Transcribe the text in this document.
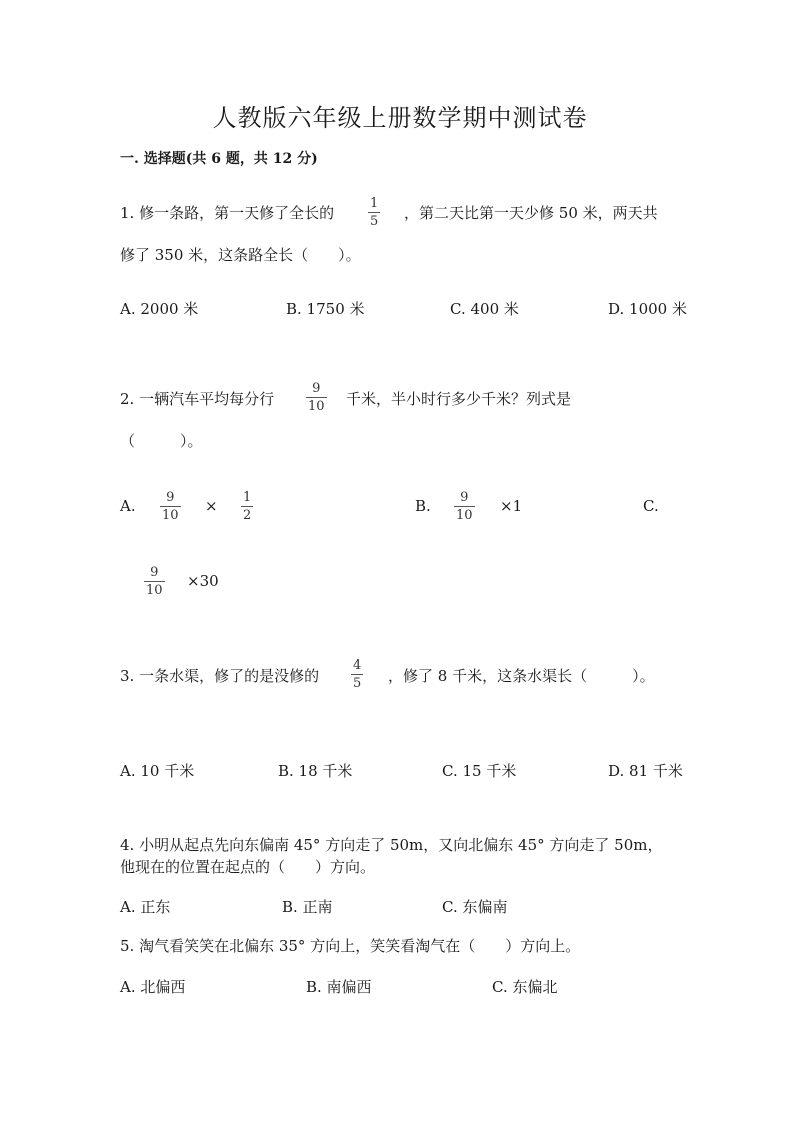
人教版六年级上册数学期中测试卷
一. 选择题(共 6 题，共 12 分)
1. 修一条路，第一天修了全长的
1
5 ，第二天比第一天少修 50 米，两天共
修了 350 米，这条路全长（　　）。
A. 2000 米	B. 1750 米	C. 400 米	D. 1000 米
2. 一辆汽车平均每分行
9
10 千米，半小时行多少千米？列式是
（　　　）。
A. 9
10
× 1
2
B. 9
10
×1	C.
9
10
×30
3. 一条水渠，修了的是没修的
4
5 ，修了 8 千米，这条水渠长（　　　）。
A. 10 千米	B. 18 千米	C. 15 千米	D. 81 千米
4. 小明从起点先向东偏南 45° 方向走了 50m，又向北偏东 45° 方向走了 50m，
他现在的位置在起点的（　　）方向。
A. 正东	B. 正南	C. 东偏南
5. 淘气看笑笑在北偏东 35° 方向上，笑笑看淘气在（　　）方向上。
A. 北偏西	B. 南偏西	C. 东偏北
